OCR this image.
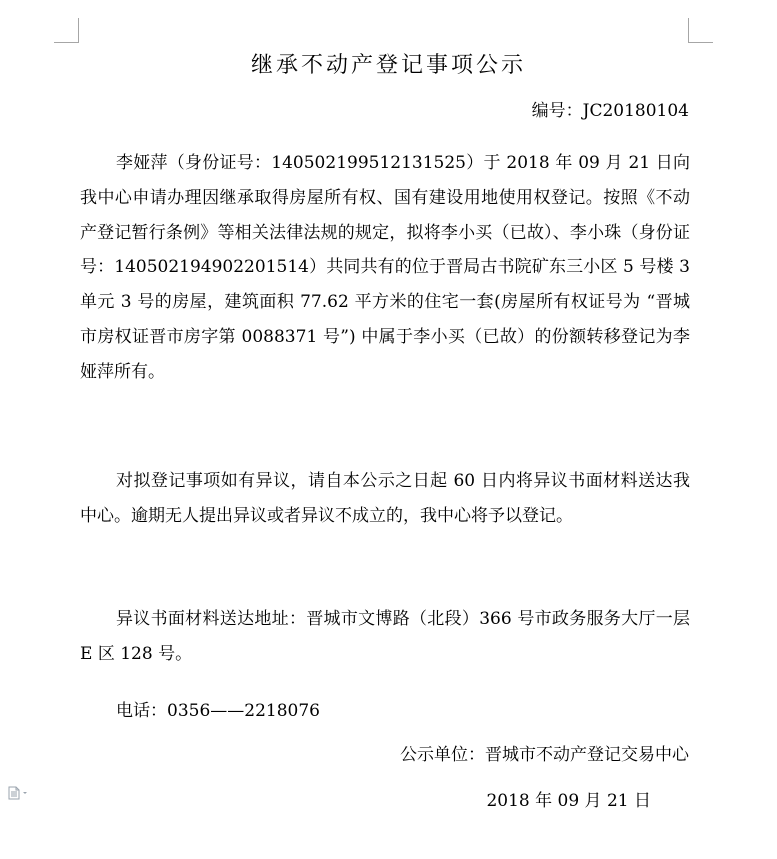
继承不动产登记事项公示
编号：JC20180104
李娅萍（身份证号：140502199512131525）于 2018 年 09 月 21 日向我中心申请办理因继承取得房屋所有权、国有建设用地使用权登记。按照《不动产登记暂行条例》等相关法律法规的规定，拟将李小买（已故）、李小珠（身份证号：140502194902201514）共同共有的位于晋局古书院矿东三小区 5 号楼 3 单元 3 号的房屋，建筑面积 77.62 平方米的住宅一套(房屋所有权证号为 “晋城市房权证晋市房字第 0088371 号”) 中属于李小买（已故）的份额转移登记为李娅萍所有。
对拟登记事项如有异议，请自本公示之日起 60 日内将异议书面材料送达我中心。逾期无人提出异议或者异议不成立的，我中心将予以登记。
异议书面材料送达地址：晋城市文博路（北段）366 号市政务服务大厅一层 E 区 128 号。
电话：0356——2218076
公示单位：晋城市不动产登记交易中心
2018 年 09 月 21 日
